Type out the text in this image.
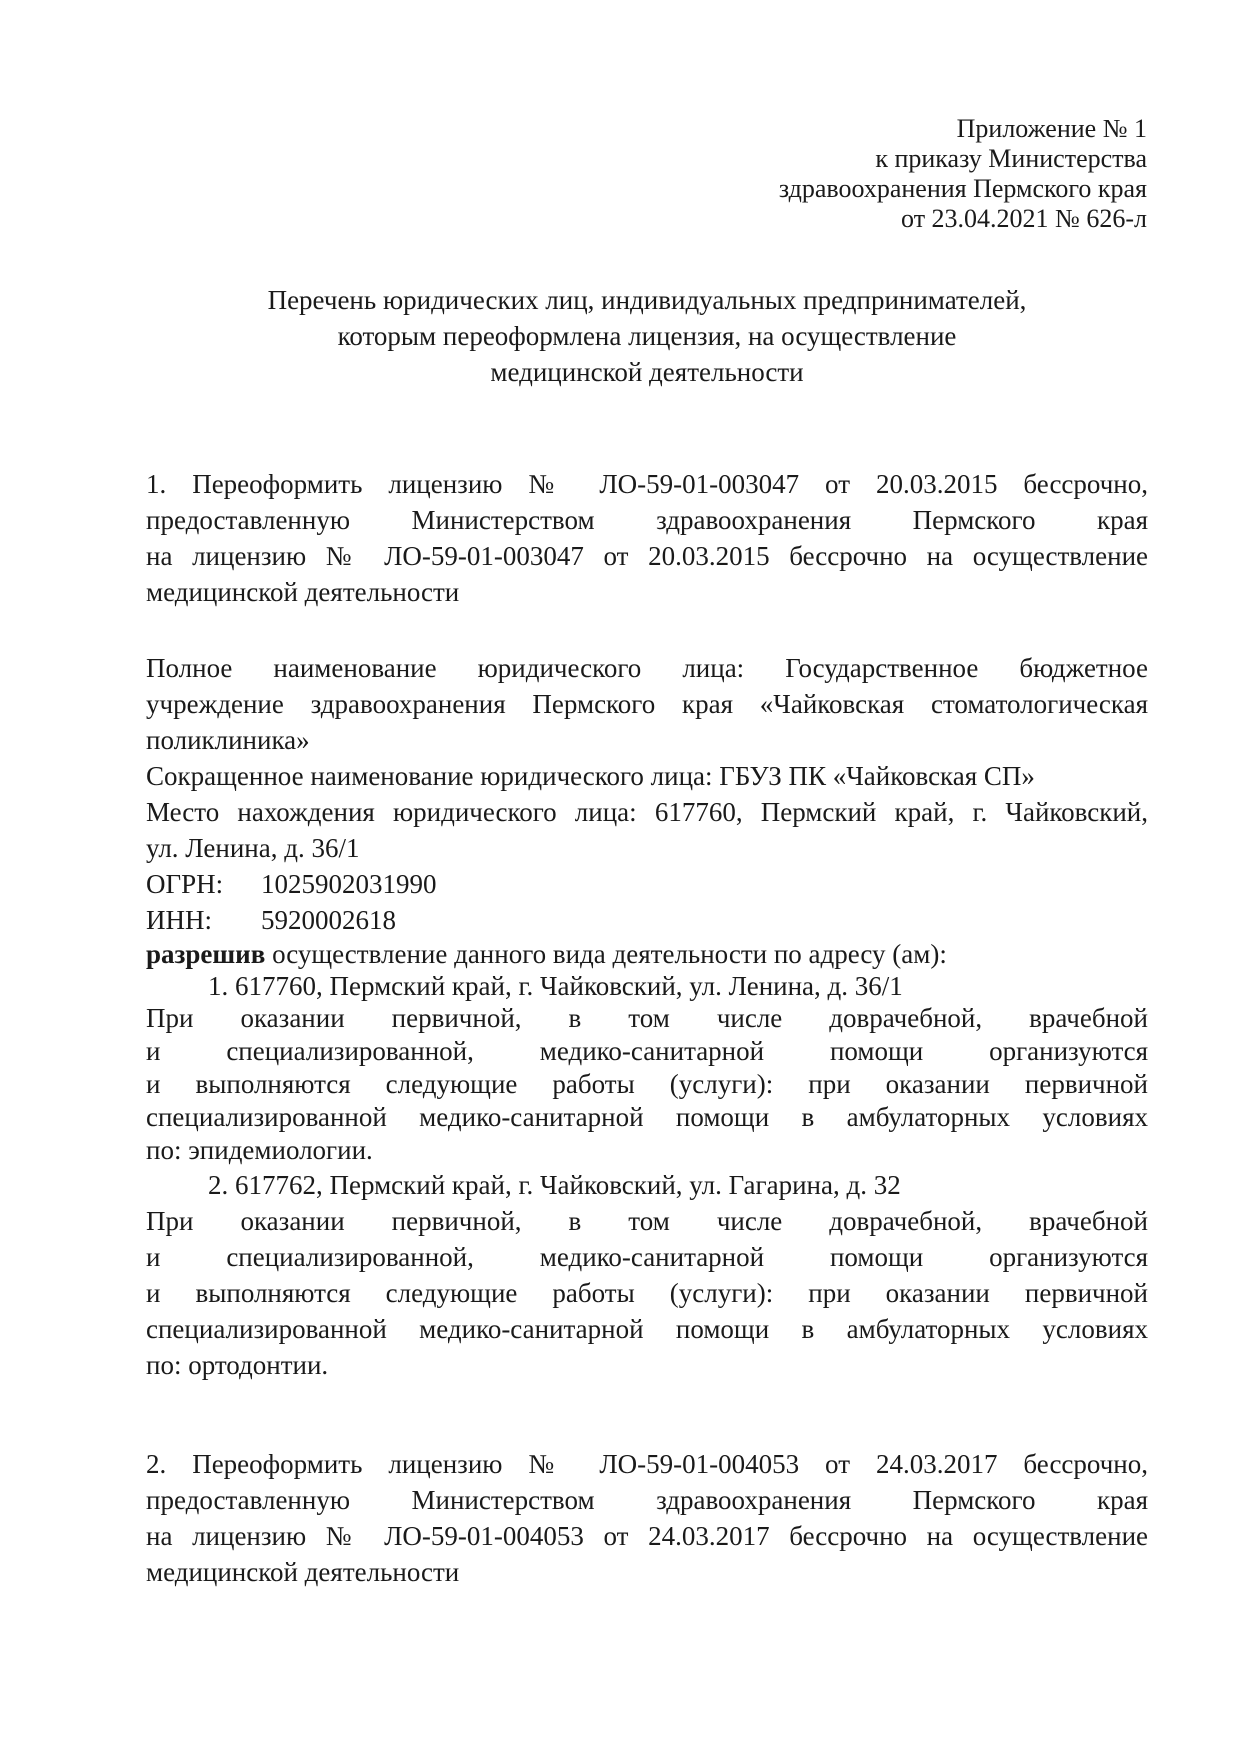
Приложение № 1
к приказу Министерства
здравоохранения Пермского края
от 23.04.2021 № 626-л
Перечень юридических лиц, индивидуальных предпринимателей,
которым переоформлена лицензия, на осуществление
медицинской деятельности
1. Переоформить лицензию № ЛО-59-01-003047 от 20.03.2015 бессрочно,
предоставленную Министерством здравоохранения Пермского края
на лицензию № ЛО-59-01-003047 от 20.03.2015 бессрочно на осуществление
медицинской деятельности
Полное наименование юридического лица: Государственное бюджетное
учреждение здравоохранения Пермского края «Чайковская стоматологическая
поликлиника»
Сокращенное наименование юридического лица: ГБУЗ ПК «Чайковская СП»
Место нахождения юридического лица: 617760, Пермский край, г. Чайковский,
ул. Ленина, д. 36/1
ОГРН: 1025902031990
ИНН: 5920002618
разрешив осуществление данного вида деятельности по адресу (ам):
1. 617760, Пермский край, г. Чайковский, ул. Ленина, д. 36/1
При оказании первичной, в том числе доврачебной, врачебной
и специализированной, медико-санитарной помощи организуются
и выполняются следующие работы (услуги): при оказании первичной
специализированной медико-санитарной помощи в амбулаторных условиях
по: эпидемиологии.
2. 617762, Пермский край, г. Чайковский, ул. Гагарина, д. 32
При оказании первичной, в том числе доврачебной, врачебной
и специализированной, медико-санитарной помощи организуются
и выполняются следующие работы (услуги): при оказании первичной
специализированной медико-санитарной помощи в амбулаторных условиях
по: ортодонтии.
2. Переоформить лицензию № ЛО-59-01-004053 от 24.03.2017 бессрочно,
предоставленную Министерством здравоохранения Пермского края
на лицензию № ЛО-59-01-004053 от 24.03.2017 бессрочно на осуществление
медицинской деятельности
